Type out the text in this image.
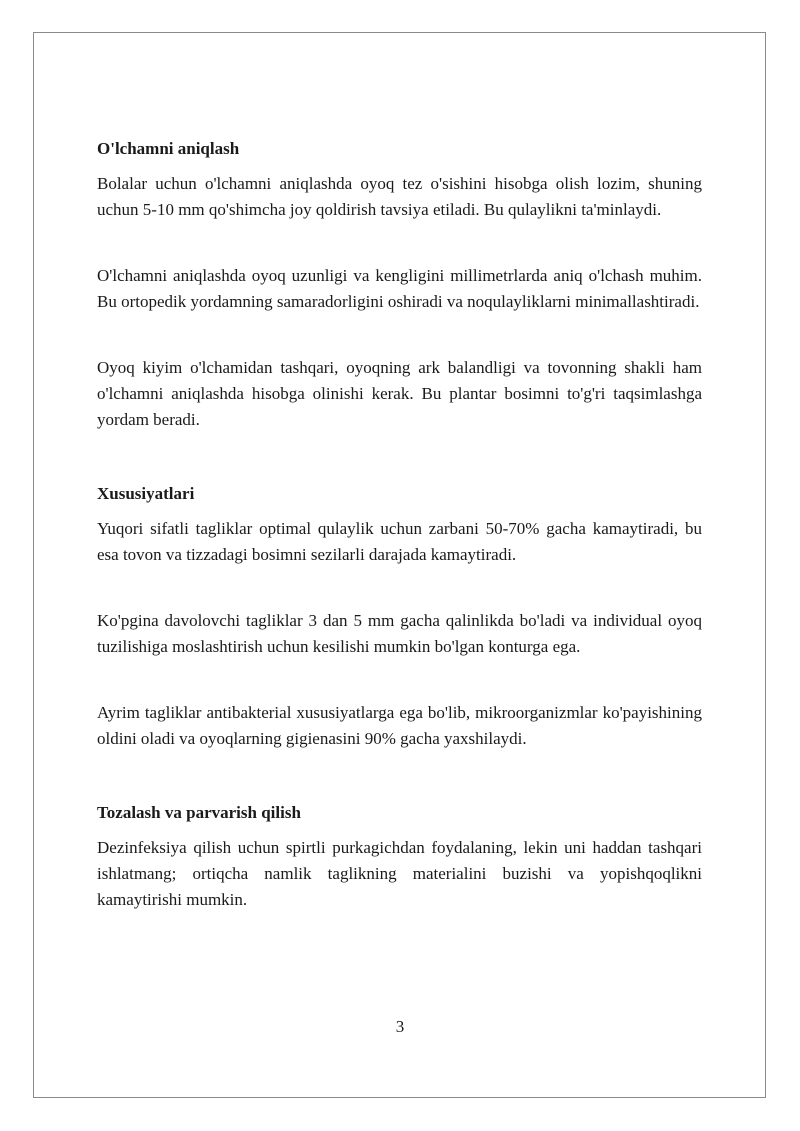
O'lchamni aniqlash

Bolalar uchun o'lchamni aniqlashda oyoq tez o'sishini hisobga olish lozim, shuning uchun 5-10 mm qo'shimcha joy qoldirish tavsiya etiladi. Bu qulaylikni ta'minlaydi.

O'lchamni aniqlashda oyoq uzunligi va kengligini millimetrlarda aniq o'lchash muhim. Bu ortopedik yordamning samaradorligini oshiradi va noqulayliklarni minimallashtiradi.

Oyoq kiyim o'lchamidan tashqari, oyoqning ark balandligi va tovonning shakli ham o'lchamni aniqlashda hisobga olinishi kerak. Bu plantar bosimni to'g'ri taqsimlashga yordam beradi.

Xususiyatlari

Yuqori sifatli tagliklar optimal qulaylik uchun zarbani 50-70% gacha kamaytiradi, bu esa tovon va tizzadagi bosimni sezilarli darajada kamaytiradi.

Ko'pgina davolovchi tagliklar 3 dan 5 mm gacha qalinlikda bo'ladi va individual oyoq tuzilishiga moslashtirish uchun kesilishi mumkin bo'lgan konturga ega.

Ayrim tagliklar antibakterial xususiyatlarga ega bo'lib, mikroorganizmlar ko'payishining oldini oladi va oyoqlarning gigienasini 90% gacha yaxshilaydi.

Tozalash va parvarish qilish

Dezinfeksiya qilish uchun spirtli purkagichdan foydalaning, lekin uni haddan tashqari ishlatmang; ortiqcha namlik taglikning materialini buzishi va yopishqoqlikni kamaytirishi mumkin.

3
